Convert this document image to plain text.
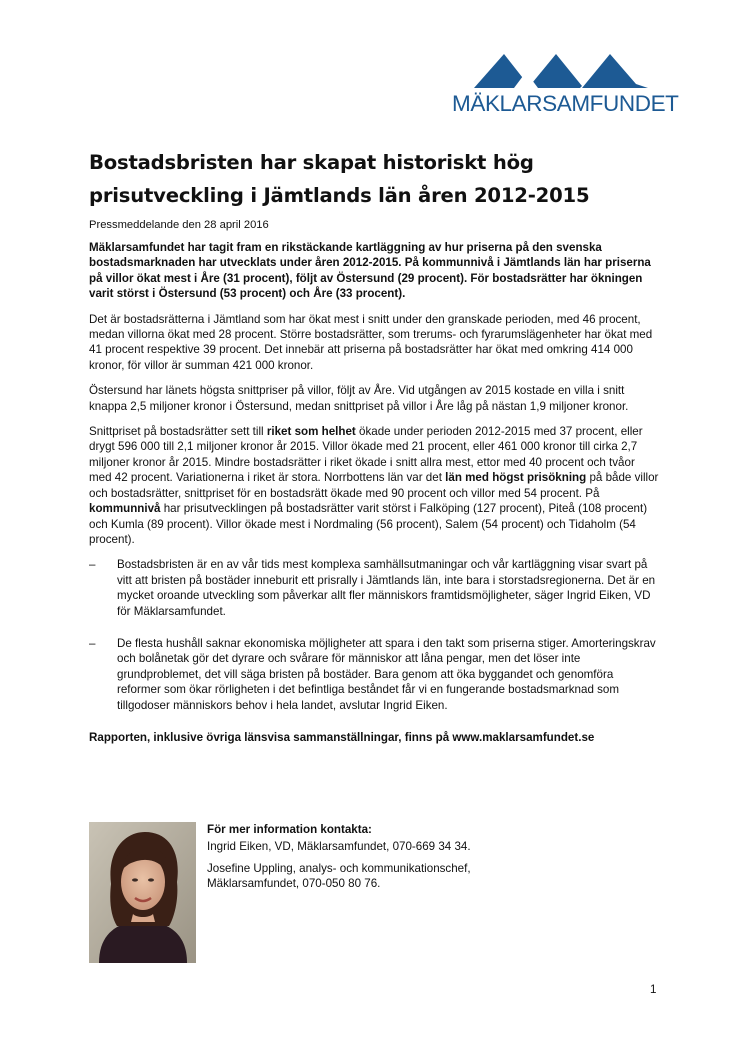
MÄKLARSAMFUNDET
Bostadsbristen har skapat historiskt hög prisutveckling i Jämtlands län åren 2012-2015
Pressmeddelande den 28 april 2016

Mäklarsamfundet har tagit fram en rikstäckande kartläggning av hur priserna på den svenska bostadsmarknaden har utvecklats under åren 2012-2015. På kommunnivå i Jämtlands län har priserna på villor ökat mest i Åre (31 procent), följt av Östersund (29 procent). För bostadsrätter har ökningen varit störst i Östersund (53 procent) och Åre (33 procent).

Det är bostadsrätterna i Jämtland som har ökat mest i snitt under den granskade perioden, med 46 procent, medan villorna ökat med 28 procent. Större bostadsrätter, som trerums- och fyrarumslägenheter har ökat med 41 procent respektive 39 procent. Det innebär att priserna på bostadsrätter har ökat med omkring 414 000 kronor, för villor är summan 421 000 kronor.

Östersund har länets högsta snittpriser på villor, följt av Åre. Vid utgången av 2015 kostade en villa i snitt knappa 2,5 miljoner kronor i Östersund, medan snittpriset på villor i Åre låg på nästan 1,9 miljoner kronor.

Snittpriset på bostadsrätter sett till riket som helhet ökade under perioden 2012-2015 med 37 procent, eller drygt 596 000 till 2,1 miljoner kronor år 2015. Villor ökade med 21 procent, eller 461 000 kronor till cirka 2,7 miljoner kronor år 2015. Mindre bostadsrätter i riket ökade i snitt allra mest, ettor med 40 procent och tvåor med 42 procent. Variationerna i riket är stora. Norrbottens län var det län med högst prisökning på både villor och bostadsrätter, snittpriset för en bostadsrätt ökade med 90 procent och villor med 54 procent. På kommunnivå har prisutvecklingen på bostadsrätter varit störst i Falköping (127 procent), Piteå (108 procent) och Kumla (89 procent). Villor ökade mest i Nordmaling (56 procent), Salem (54 procent) och Tidaholm (54 procent).

– Bostadsbristen är en av vår tids mest komplexa samhällsutmaningar och vår kartläggning visar svart på vitt att bristen på bostäder inneburit ett prisrally i Jämtlands län, inte bara i storstadsregionerna. Det är en mycket oroande utveckling som påverkar allt fler människors framtidsmöjligheter, säger Ingrid Eiken, VD för Mäklarsamfundet.
– De flesta hushåll saknar ekonomiska möjligheter att spara i den takt som priserna stiger. Amorteringskrav och bolånetak gör det dyrare och svårare för människor att låna pengar, men det löser inte grundproblemet, det vill säga bristen på bostäder. Bara genom att öka byggandet och genomföra reformer som ökar rörligheten i det befintliga beståndet får vi en fungerande bostadsmarknad som tillgodoser människors behov i hela landet, avslutar Ingrid Eiken.

Rapporten, inklusive övriga länsvisa sammanställningar, finns på www.maklarsamfundet.se

För mer information kontakta:

Ingrid Eiken, VD, Mäklarsamfundet, 070-669 34 34.

Josefine Uppling, analys- och kommunikationschef,
Mäklarsamfundet, 070-050 80 76.

1
